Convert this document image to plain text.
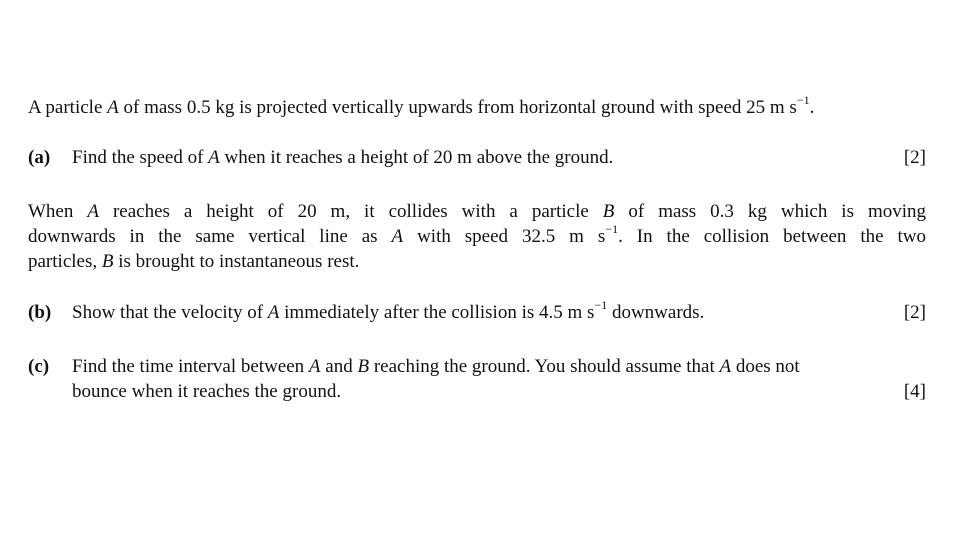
A particle A of mass 0.5 kg is projected vertically upwards from horizontal ground with speed 25 m $s^{-1}$.
(a) Find the speed of A when it reaches a height of 20 m above the ground.	[2]
When A reaches a height of 20 m, it collides with a particle B of mass 0.3 kg which is moving
downwards in the same vertical line as A with speed 32.5 m $s^{-1}$. In the collision between the two
particles, B is brought to instantaneous rest.
(b) Show that the velocity of A immediately after the collision is 4.5 m $s^{-1}$ downwards.	[2]
(c) Find the time interval between A and B reaching the ground. You should assume that A does not
bounce when it reaches the ground.	[4]
